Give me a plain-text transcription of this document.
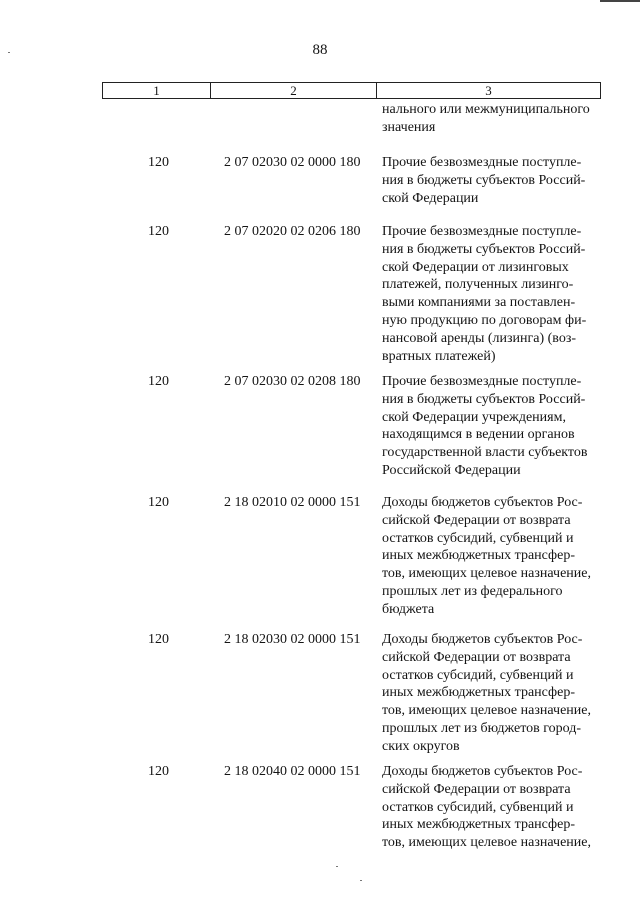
88
1	2	3
нального или межмуниципального
значения
120	2 07 02030 02 0000 180 Прочие безвозмездные поступле-
ния в бюджеты субъектов Россий-
ской Федерации
120	2 07 02020 02 0206 180 Прочие безвозмездные поступле-
ния в бюджеты субъектов Россий-
ской Федерации от лизинговых
платежей, полученных лизинго-
выми компаниями за поставлен-
ную продукцию по договорам фи-
нансовой аренды (лизинга) (воз-
вратных платежей)
120	2 07 02030 02 0208 180 Прочие безвозмездные поступле-
ния в бюджеты субъектов Россий-
ской Федерации учреждениям,
находящимся в ведении органов
государственной власти субъектов
Российской Федерации
120	2 18 02010 02 0000 151 Доходы бюджетов субъектов Рос-
сийской Федерации от возврата
остатков субсидий, субвенций и
иных межбюджетных трансфер-
тов, имеющих целевое назначение,
прошлых лет из федерального
бюджета
120	2 18 02030 02 0000 151 Доходы бюджетов субъектов Рос-
сийской Федерации от возврата
остатков субсидий, субвенций и
иных межбюджетных трансфер-
тов, имеющих целевое назначение,
прошлых лет из бюджетов город-
ских округов
120	2 18 02040 02 0000 151 Доходы бюджетов субъектов Рос-
сийской Федерации от возврата
остатков субсидий, субвенций и
иных межбюджетных трансфер-
тов, имеющих целевое назначение,
